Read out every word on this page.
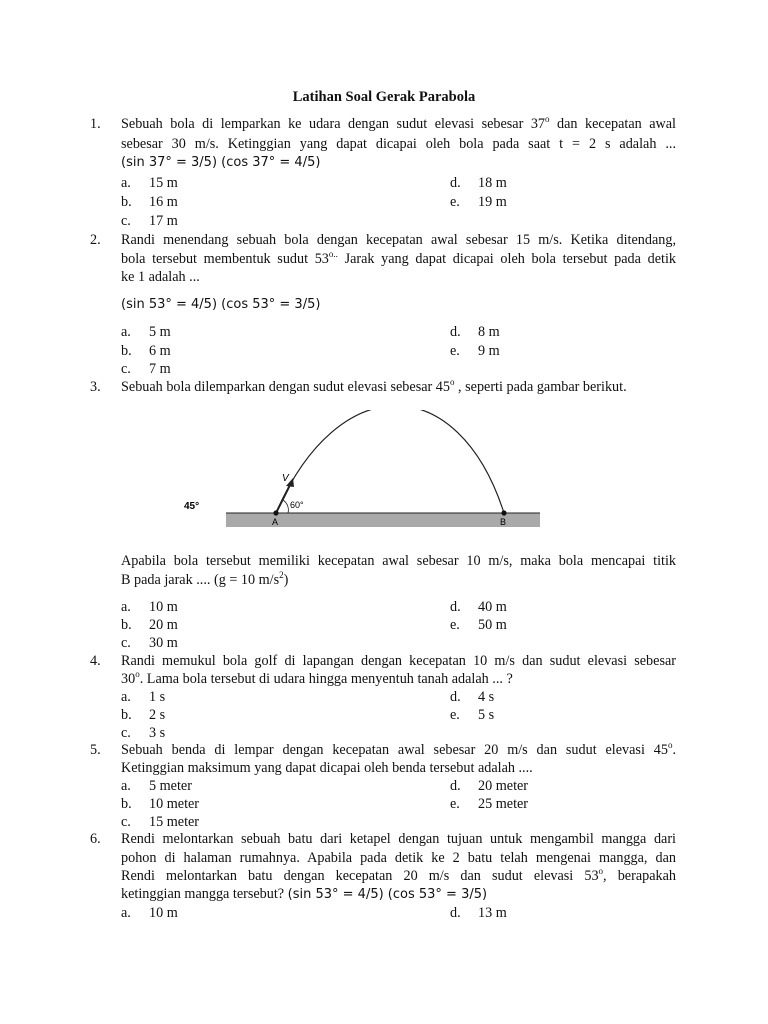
Latihan Soal Gerak Parabola
1. Sebuah bola di lemparkan ke udara dengan sudut elevasi sebesar 37$^o$ dan kecepatan awal
sebesar 30 m/s. Ketinggian yang dapat dicapai oleh bola pada saat t = 2 s adalah ...
(sin 37° = 3/5) (cos 37° = 4/5)
a. 15 m
b. 16 m
c. 17 m
d. 18 m
e. 19 m
2. Randi menendang sebuah bola dengan kecepatan awal sebesar 15 m/s. Ketika ditendang,
bola tersebut membentuk sudut $53^{o..}$ Jarak yang dapat dicapai oleh bola tersebut pada detik
ke 1 adalah ...
(sin 53° = 4/5) (cos 53° = 3/5)
a. 5 m
b. 6 m
c. 7 m
d. 8 m
e. 9 m
3. Sebuah bola dilemparkan dengan sudut elevasi sebesar 45$^o$ , seperti pada gambar berikut.
45°
V
60°
A	B
Apabila bola tersebut memiliki kecepatan awal sebesar 10 m/s, maka bola mencapai titik
B pada jarak .... (g = 10 $m/s^2$)
a. 10 m
b. 20 m
c. 30 m
d. 40 m
e. 50 m
4. Randi memukul bola golf di lapangan dengan kecepatan 10 m/s dan sudut elevasi sebesar
30$^o$. Lama bola tersebut di udara hingga menyentuh tanah adalah ... ?
a. 1 s
b. 2 s
c. 3 s
d. 4 s
e. 5 s
5. Sebuah benda di lempar dengan kecepatan awal sebesar 20 m/s dan sudut elevasi 45$^o$.
Ketinggian maksimum yang dapat dicapai oleh benda tersebut adalah ....
a. 5 meter
b. 10 meter
c. 15 meter
d. 20 meter
e. 25 meter
6. Rendi melontarkan sebuah batu dari ketapel dengan tujuan untuk mengambil mangga dari
pohon di halaman rumahnya. Apabila pada detik ke 2 batu telah mengenai mangga, dan
Rendi melontarkan batu dengan kecepatan 20 m/s dan sudut elevasi 53$^o$, berapakah
ketinggian mangga tersebut? (sin 53° = 4/5) (cos 53° = 3/5)
a. 10 m	d. 13 m
